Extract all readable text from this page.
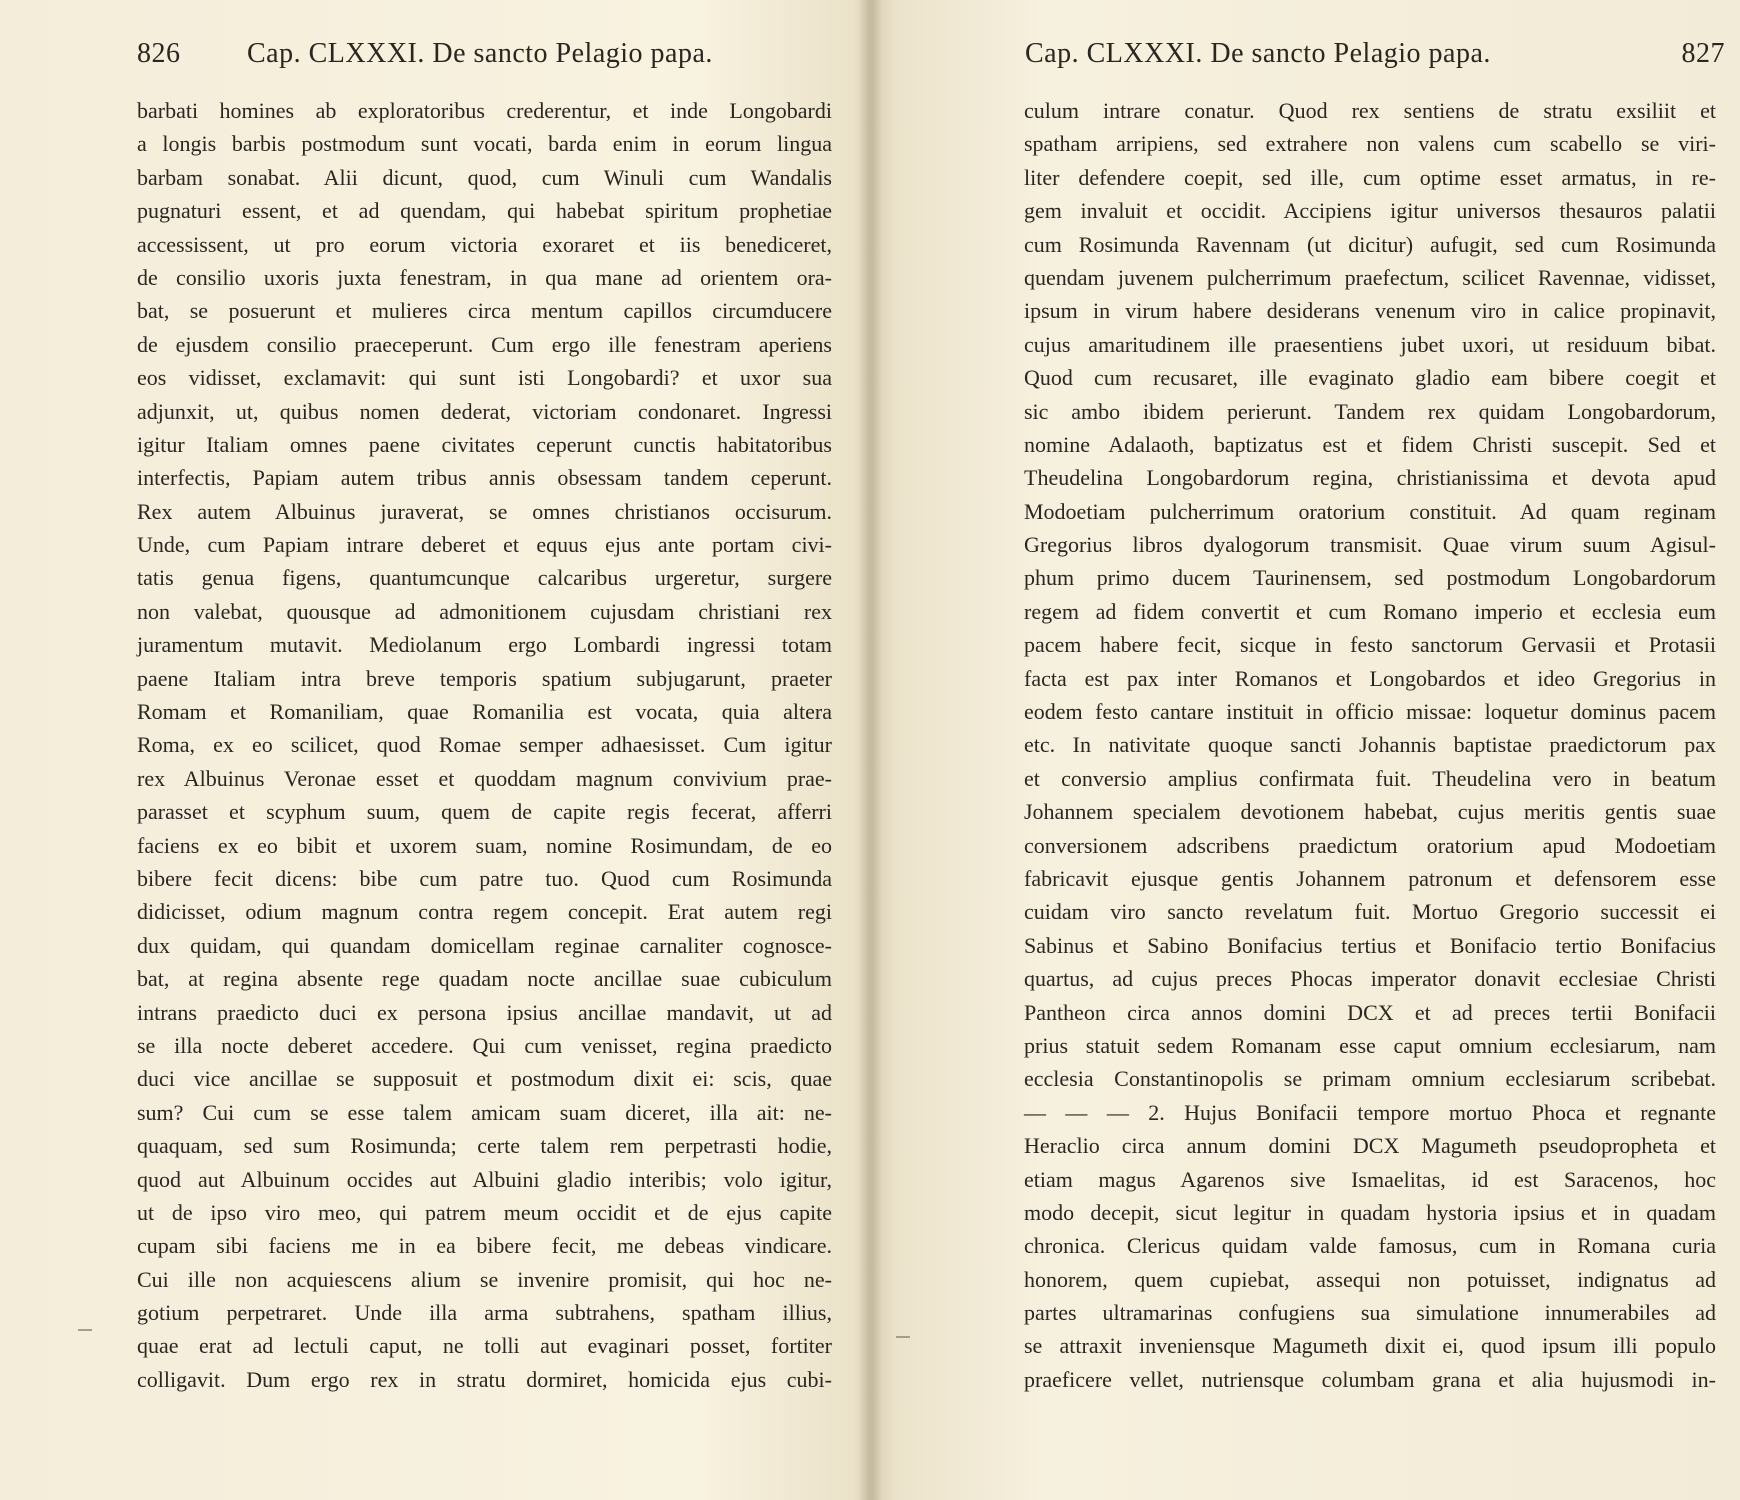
826 Cap. CLXXXI. De sancto Pelagio papa.
barbati homines ab exploratoribus crederentur, et inde Longobardi
a longis barbis postmodum sunt vocati, barda enim in eorum lingua
barbam sonabat. Alii dicunt, quod, cum Winuli cum Wandalis
pugnaturi essent, et ad quendam, qui habebat spiritum prophetiae
accessissent, ut pro eorum victoria exoraret et iis benediceret,
de consilio uxoris juxta fenestram, in qua mane ad orientem ora-
bat, se posuerunt et mulieres circa mentum capillos circumducere
de ejusdem consilio praeceperunt. Cum ergo ille fenestram aperiens
eos vidisset, exclamavit: qui sunt isti Longobardi? et uxor sua
adjunxit, ut, quibus nomen dederat, victoriam condonaret. Ingressi
igitur Italiam omnes paene civitates ceperunt cunctis habitatoribus
interfectis, Papiam autem tribus annis obsessam tandem ceperunt.
Rex autem Albuinus juraverat, se omnes christianos occisurum.
Unde, cum Papiam intrare deberet et equus ejus ante portam civi-
tatis genua figens, quantumcunque calcaribus urgeretur, surgere
non valebat, quousque ad admonitionem cujusdam christiani rex
juramentum mutavit. Mediolanum ergo Lombardi ingressi totam
paene Italiam intra breve temporis spatium subjugarunt, praeter
Romam et Romaniliam, quae Romanilia est vocata, quia altera
Roma, ex eo scilicet, quod Romae semper adhaesisset. Cum igitur
rex Albuinus Veronae esset et quoddam magnum convivium prae-
parasset et scyphum suum, quem de capite regis fecerat, afferri
faciens ex eo bibit et uxorem suam, nomine Rosimundam, de eo
bibere fecit dicens: bibe cum patre tuo. Quod cum Rosimunda
didicisset, odium magnum contra regem concepit. Erat autem regi
dux quidam, qui quandam domicellam reginae carnaliter cognosce-
bat, at regina absente rege quadam nocte ancillae suae cubiculum
intrans praedicto duci ex persona ipsius ancillae mandavit, ut ad
se illa nocte deberet accedere. Qui cum venisset, regina praedicto
duci vice ancillae se supposuit et postmodum dixit ei: scis, quae
sum? Cui cum se esse talem amicam suam diceret, illa ait: ne-
quaquam, sed sum Rosimunda; certe talem rem perpetrasti hodie,
quod aut Albuinum occides aut Albuini gladio interibis; volo igitur,
ut de ipso viro meo, qui patrem meum occidit et de ejus capite
cupam sibi faciens me in ea bibere fecit, me debeas vindicare.
Cui ille non acquiescens alium se invenire promisit, qui hoc ne-
gotium perpetraret. Unde illa arma subtrahens, spatham illius,
quae erat ad lectuli caput, ne tolli aut evaginari posset, fortiter
colligavit. Dum ergo rex in stratu dormiret, homicida ejus cubi-
Cap. CLXXXI. De sancto Pelagio papa.	827
culum intrare conatur. Quod rex sentiens de stratu exsiliit et
spatham arripiens, sed extrahere non valens cum scabello se viri-
liter defendere coepit, sed ille, cum optime esset armatus, in re-
gem invaluit et occidit. Accipiens igitur universos thesauros palatii
cum Rosimunda Ravennam (ut dicitur) aufugit, sed cum Rosimunda
quendam juvenem pulcherrimum praefectum, scilicet Ravennae, vidisset,
ipsum in virum habere desiderans venenum viro in calice propinavit,
cujus amaritudinem ille praesentiens jubet uxori, ut residuum bibat.
Quod cum recusaret, ille evaginato gladio eam bibere coegit et
sic ambo ibidem perierunt. Tandem rex quidam Longobardorum,
nomine Adalaoth, baptizatus est et fidem Christi suscepit. Sed et
Theudelina Longobardorum regina, christianissima et devota apud
Modoetiam pulcherrimum oratorium constituit. Ad quam reginam
Gregorius libros dyalogorum transmisit. Quae virum suum Agisul-
phum primo ducem Taurinensem, sed postmodum Longobardorum
regem ad fidem convertit et cum Romano imperio et ecclesia eum
pacem habere fecit, sicque in festo sanctorum Gervasii et Protasii
facta est pax inter Romanos et Longobardos et ideo Gregorius in
eodem festo cantare instituit in officio missae: loquetur dominus pacem
etc. In nativitate quoque sancti Johannis baptistae praedictorum pax
et conversio amplius confirmata fuit. Theudelina vero in beatum
Johannem specialem devotionem habebat, cujus meritis gentis suae
conversionem adscribens praedictum oratorium apud Modoetiam
fabricavit ejusque gentis Johannem patronum et defensorem esse
cuidam viro sancto revelatum fuit. Mortuo Gregorio successit ei
Sabinus et Sabino Bonifacius tertius et Bonifacio tertio Bonifacius
quartus, ad cujus preces Phocas imperator donavit ecclesiae Christi
Pantheon circa annos domini DCX et ad preces tertii Bonifacii
prius statuit sedem Romanam esse caput omnium ecclesiarum, nam
ecclesia Constantinopolis se primam omnium ecclesiarum scribebat.
— — — 2. Hujus Bonifacii tempore mortuo Phoca et regnante
Heraclio circa annum domini DCX Magumeth pseudopropheta et
etiam magus Agarenos sive Ismaelitas, id est Saracenos, hoc
modo decepit, sicut legitur in quadam hystoria ipsius et in quadam
chronica. Clericus quidam valde famosus, cum in Romana curia
honorem, quem cupiebat, assequi non potuisset, indignatus ad
partes ultramarinas confugiens sua simulatione innumerabiles ad
se attraxit inveniensque Magumeth dixit ei, quod ipsum illi populo
praeficere vellet, nutriensque columbam grana et alia hujusmodi in-
